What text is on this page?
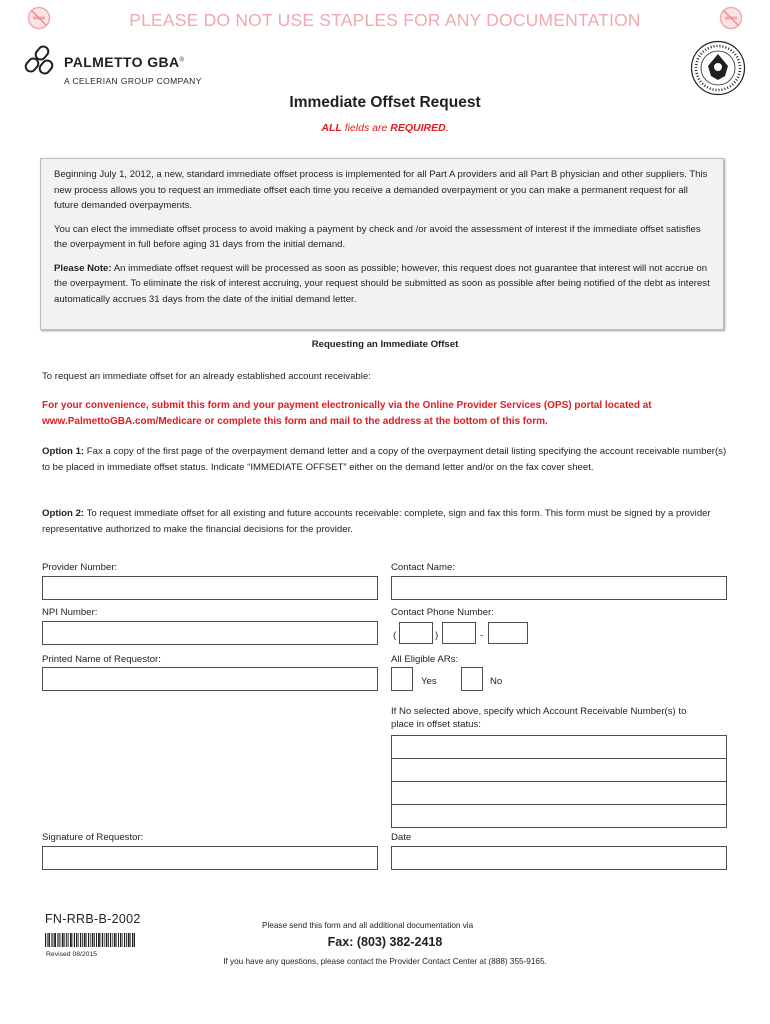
PLEASE DO NOT USE STAPLES FOR ANY DOCUMENTATION
PALMETTO GBA®
A CELERIAN GROUP COMPANY
Immediate Offset Request
ALL fields are REQUIRED.

Beginning July 1, 2012, a new, standard immediate offset process is implemented for all Part A providers and all Part B physician and other suppliers. This new process allows you to request an immediate offset each time you receive a demanded overpayment or you can make a permanent request for all future demanded overpayments.

You can elect the immediate offset process to avoid making a payment by check and /or avoid the assessment of interest if the immediate offset satisfies the overpayment in full before aging 31 days from the initial demand.

Please Note: An immediate offset request will be processed as soon as possible; however, this request does not guarantee that interest will not accrue on the overpayment. To eliminate the risk of interest accruing, your request should be submitted as soon as possible after being notified of the debt as interest automatically accrues 31 days from the date of the initial demand letter.

Requesting an Immediate Offset
To request an immediate offset for an already established account receivable:
For your convenience, submit this form and your payment electronically via the Online Provider Services (OPS) portal located at www.PalmettoGBA.com/Medicare or complete this form and mail to the address at the bottom of this form.
Option 1: Fax a copy of the first page of the overpayment demand letter and a copy of the overpayment detail listing specifying the account receivable number(s) to be placed in immediate offset status. Indicate “IMMEDIATE OFFSET” either on the demand letter and/or on the fax cover sheet.
Option 2: To request immediate offset for all existing and future accounts receivable: complete, sign and fax this form. This form must be signed by a provider representative authorized to make the financial decisions for the provider.
Provider Number:
NPI Number:
Printed Name of Requestor:
Signature of Requestor:
Contact Name:
Contact Phone Number:
(	)	-
All Eligible ARs:
Yes	No
If No selected above, specify which Account Receivable Number(s) to place in offset status:
Date
FN-RRB-B-2002
Revised 08/2015
Please send this form and all additional documentation via
Fax: (803) 382-2418
If you have any questions, please contact the Provider Contact Center at (888) 355-9165.
